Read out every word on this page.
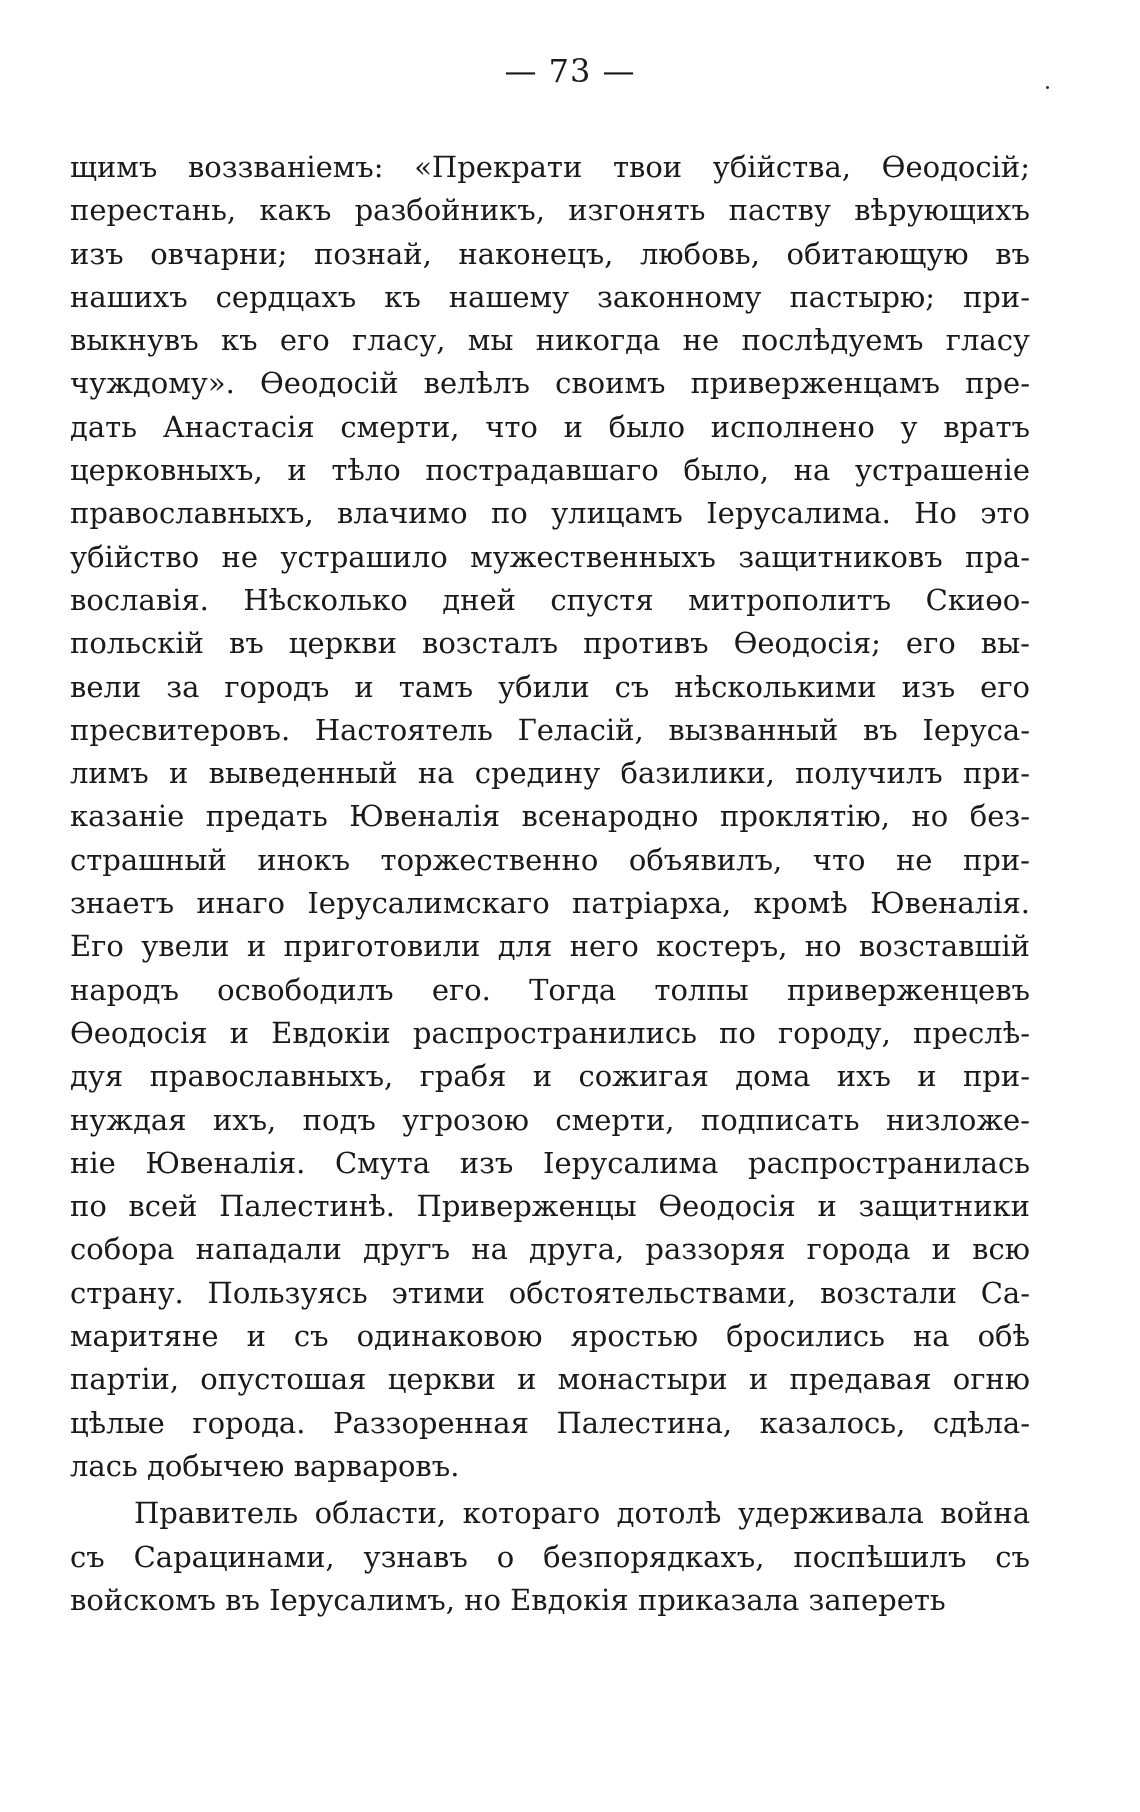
— 73 —
щимъ воззваніемъ: «Прекрати твои убійства, Өеодосій;
перестань, какъ разбойникъ, изгонять паству вѣрующихъ
изъ овчарни; познай, наконецъ, любовь, обитающую въ
нашихъ сердцахъ къ нашему законному пастырю; при-
выкнувъ къ его гласу, мы никогда не послѣдуемъ гласу
чуждому». Өеодосій велѣлъ своимъ приверженцамъ пре-
дать Анастасія смерти, что и было исполнено у вратъ
церковныхъ, и тѣло пострадавшаго было, на устрашеніе
православныхъ, влачимо по улицамъ Іерусалима. Но это
убійство не устрашило мужественныхъ защитниковъ пра-
вославія. Нѣсколько дней спустя митрополитъ Скиөо-
польскій въ церкви возсталъ противъ Өеодосія; его вы-
вели за городъ и тамъ убили съ нѣсколькими изъ его
пресвитеровъ. Настоятель Геласій, вызванный въ Іеруса-
лимъ и выведенный на средину базилики, получилъ при-
казаніе предать Ювеналія всенародно проклятію, но без-
страшный инокъ торжественно объявилъ, что не при-
знаетъ инаго Іерусалимскаго патріарха, кромѣ Ювеналія.
Его увели и приготовили для него костеръ, но возставшій
народъ освободилъ его. Тогда толпы приверженцевъ
Өеодосія и Евдокіи распространились по городу, преслѣ-
дуя православныхъ, грабя и сожигая дома ихъ и при-
нуждая ихъ, подъ угрозою смерти, подписать низложе-
ніе Ювеналія. Смута изъ Іерусалима распространилась
по всей Палестинѣ. Приверженцы Өеодосія и защитники
собора нападали другъ на друга, раззоряя города и всю
страну. Пользуясь этими обстоятельствами, возстали Са-
маритяне и съ одинаковою яростью бросились на обѣ
партіи, опустошая церкви и монастыри и предавая огню
цѣлые города. Раззоренная Палестина, казалось, сдѣла-
лась добычею варваровъ.
Правитель области, котораго дотолѣ удерживала война
съ Сарацинами, узнавъ о безпорядкахъ, поспѣшилъ съ
войскомъ въ Іерусалимъ, но Евдокія приказала запереть
